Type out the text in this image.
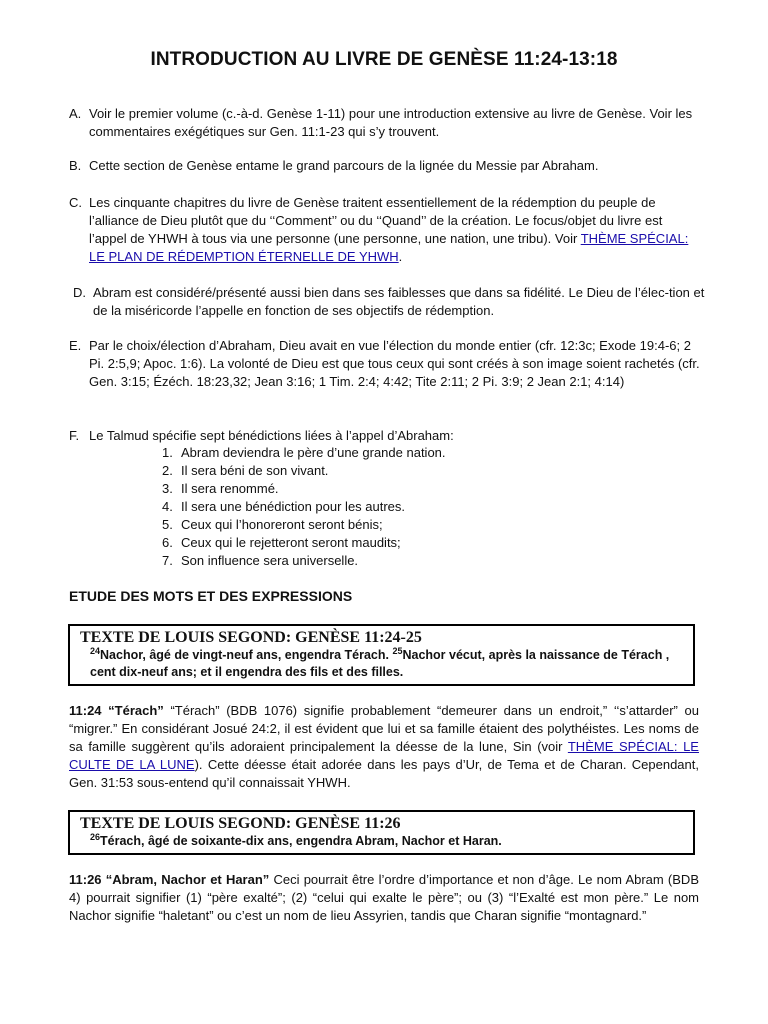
INTRODUCTION AU LIVRE DE GENÈSE 11:24-13:18

A. Voir le premier volume (c.-à-d. Genèse 1-11) pour une introduction extensive au livre de Genèse. Voir les commentaires exégétiques sur Gen. 11:1-23 qui s’y trouvent.

B. Cette section de Genèse entame le grand parcours de la lignée du Messie par Abraham.

C. Les cinquante chapitres du livre de Genèse traitent essentiellement de la rédemption du peuple de l’alliance de Dieu plutôt que du ‘‘Comment’’ ou du ‘‘Quand’’ de la création. Le focus/objet du livre est l’appel de YHWH à tous via une personne (une personne, une nation, une tribu). Voir THÈME SPÉCIAL: LE PLAN DE RÉDEMPTION ÉTERNELLE DE YHWH.

D. Abram est considéré/présenté aussi bien dans ses faiblesses que dans sa fidélité. Le Dieu de l’élec-tion et de la miséricorde l’appelle en fonction de ses objectifs de rédemption.

E. Par le choix/élection d’Abraham, Dieu avait en vue l’élection du monde entier (cfr. 12:3c; Exode 19:4-6; 2 Pi. 2:5,9; Apoc. 1:6). La volonté de Dieu est que tous ceux qui sont créés à son image soient rachetés (cfr. Gen. 3:15; Ézéch. 18:23,32; Jean 3:16; 1 Tim. 2:4; 4:42; Tite 2:11; 2 Pi. 3:9; 2 Jean 2:1; 4:14)

F. Le Talmud spécifie sept bénédictions liées à l’appel d’Abraham:

1. Abram deviendra le père d’une grande nation.
2. Il sera béni de son vivant.
3. Il sera renommé.
4. Il sera une bénédiction pour les autres.
5. Ceux qui l’honoreront seront bénis;
6. Ceux qui le rejetteront seront maudits;
7. Son influence sera universelle.
ETUDE DES MOTS ET DES EXPRESSIONS
TEXTE DE LOUIS SEGOND: GENÈSE 11:24-25
$^{24}$Nachor, âgé de vingt-neuf ans, engendra Térach. $^{25}$Nachor vécut, après la naissance de Térach , cent dix-neuf ans; et il engendra des fils et des filles.

11:24 “Térach” “Térach” (BDB 1076) signifie probablement “demeurer dans un endroit,” ‘‘s’attarder” ou “migrer.” En considérant Josué 24:2, il est évident que lui et sa famille étaient des polythéistes. Les noms de sa famille suggèrent qu’ils adoraient principalement la déesse de la lune, Sin (voir THÈME SPÉCIAL: LE CULTE DE LA LUNE). Cette déesse était adorée dans les pays d’Ur, de Tema et de Charan. Cependant, Gen. 31:53 sous-entend qu’il connaissait YHWH.

TEXTE DE LOUIS SEGOND: GENÈSE 11:26
$^{26}$Térach, âgé de soixante-dix ans, engendra Abram, Nachor et Haran.

11:26 “Abram, Nachor et Haran” Ceci pourrait être l’ordre d’importance et non d’âge. Le nom Abram (BDB 4) pourrait signifier (1) “père exalté”; (2) “celui qui exalte le père”; ou (3) “l’Exalté est mon père.” Le nom Nachor signifie “haletant” ou c’est un nom de lieu Assyrien, tandis que Charan signifie “montagnard.”
